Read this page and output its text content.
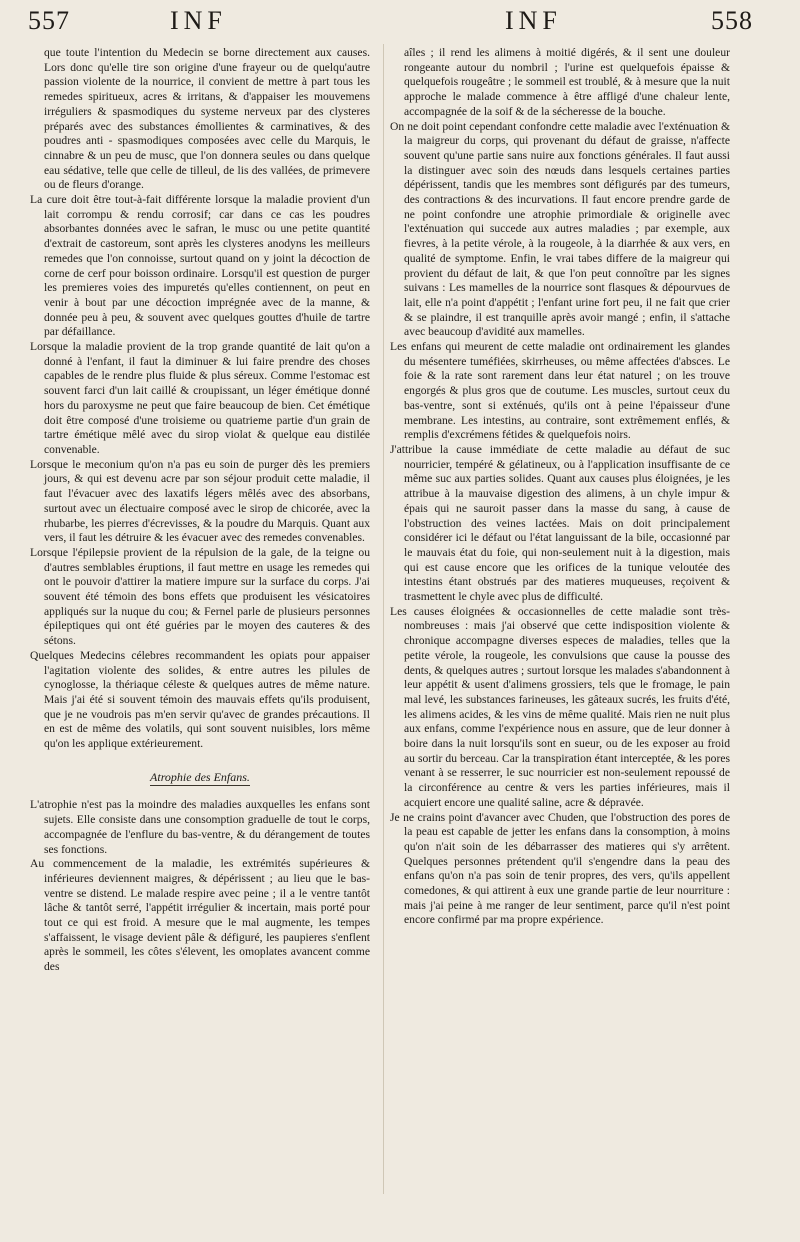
557	INF	INF	558

que toute l'intention du Medecin se borne directement aux causes. Lors donc qu'elle tire son origine d'une frayeur ou de quelqu'autre passion violente de la nourrice, il convient de mettre à part tous les remedes spiritueux, acres & irritans, & d'appaiser les mouvemens irréguliers & spasmodiques du systeme nerveux par des clysteres préparés avec des substances émollientes & carminatives, & des poudres anti - spasmodiques composées avec celle du Marquis, le cinnabre & un peu de musc, que l'on donnera seules ou dans quelque eau sédative, telle que celle de tilleul, de lis des vallées, de primevere ou de fleurs d'orange.

La cure doit être tout-à-fait différente lorsque la maladie provient d'un lait corrompu & rendu corrosif; car dans ce cas les poudres absorbantes données avec le safran, le musc ou une petite quantité d'extrait de castoreum, sont après les clysteres anodyns les meilleurs remedes que l'on connoisse, surtout quand on y joint la décoction de corne de cerf pour boisson ordinaire. Lorsqu'il est question de purger les premieres voies des impuretés qu'elles contiennent, on peut en venir à bout par une décoction imprégnée avec de la manne, & donnée peu à peu, & souvent avec quelques gouttes d'huile de tartre par défaillance.

Lorsque la maladie provient de la trop grande quantité de lait qu'on a donné à l'enfant, il faut la diminuer & lui faire prendre des choses capables de le rendre plus fluide & plus séreux. Comme l'estomac est souvent farci d'un lait caillé & croupissant, un léger émétique donné hors du paroxysme ne peut que faire beaucoup de bien. Cet émétique doit être composé d'une troisieme ou quatrieme partie d'un grain de tartre émétique mêlé avec du sirop violat & quelque eau distilée convenable.

Lorsque le meconium qu'on n'a pas eu soin de purger dès les premiers jours, & qui est devenu acre par son séjour produit cette maladie, il faut l'évacuer avec des laxatifs légers mêlés avec des absorbans, surtout avec un électuaire composé avec le sirop de chicorée, avec la rhubarbe, les pierres d'écrevisses, & la poudre du Marquis. Quant aux vers, il faut les détruire & les évacuer avec des remedes convenables.

Lorsque l'épilepsie provient de la répulsion de la gale, de la teigne ou d'autres semblables éruptions, il faut mettre en usage les remedes qui ont le pouvoir d'attirer la matiere impure sur la surface du corps. J'ai souvent été témoin des bons effets que produisent les vésicatoires appliqués sur la nuque du cou; & Fernel parle de plusieurs personnes épileptiques qui ont été guéries par le moyen des cauteres & des sétons.

Quelques Medecins célebres recommandent les opiats pour appaiser l'agitation violente des solides, & entre autres les pilules de cynoglosse, la thériaque céleste & quelques autres de même nature. Mais j'ai été si souvent témoin des mauvais effets qu'ils produisent, que je ne voudrois pas m'en servir qu'avec de grandes précautions. Il en est de même des volatils, qui sont souvent nuisibles, lors même qu'on les applique extérieurement.

Atrophie des Enfans.

L'atrophie n'est pas la moindre des maladies auxquelles les enfans sont sujets. Elle consiste dans une consomption graduelle de tout le corps, accompagnée de l'enflure du bas-ventre, & du dérangement de toutes ses fonctions.

Au commencement de la maladie, les extrémités supérieures & inférieures deviennent maigres, & dépérissent ; au lieu que le bas-ventre se distend. Le malade respire avec peine ; il a le ventre tantôt lâche & tantôt serré, l'appétit irrégulier & incertain, mais porté pour tout ce qui est froid. A mesure que le mal augmente, les tempes s'affaissent, le visage devient pâle & défiguré, les paupieres s'enflent après le sommeil, les côtes s'élevent, les omoplates avancent comme des

aîles ; il rend les alimens à moitié digérés, & il sent une douleur rongeante autour du nombril ; l'urine est quelquefois épaisse & quelquefois rougeâtre ; le sommeil est troublé, & à mesure que la nuit approche le malade commence à être affligé d'une chaleur lente, accompagnée de la soif & de la sécheresse de la bouche.

On ne doit point cependant confondre cette maladie avec l'exténuation & la maigreur du corps, qui provenant du défaut de graisse, n'affecte souvent qu'une partie sans nuire aux fonctions générales. Il faut aussi la distinguer avec soin des nœuds dans lesquels certaines parties dépérissent, tandis que les membres sont défigurés par des tumeurs, des contractions & des incurvations. Il faut encore prendre garde de ne point confondre une atrophie primordiale & originelle avec l'exténuation qui succede aux autres maladies ; par exemple, aux fievres, à la petite vérole, à la rougeole, à la diarrhée & aux vers, en qualité de symptome. Enfin, le vrai tabes differe de la maigreur qui provient du défaut de lait, & que l'on peut connoître par les signes suivans : Les mamelles de la nourrice sont flasques & dépourvues de lait, elle n'a point d'appétit ; l'enfant urine fort peu, il ne fait que crier & se plaindre, il est tranquille après avoir mangé ; enfin, il s'attache avec beaucoup d'avidité aux mamelles.

Les enfans qui meurent de cette maladie ont ordinairement les glandes du mésentere tuméfiées, skirrheuses, ou même affectées d'absces. Le foie & la rate sont rarement dans leur état naturel ; on les trouve engorgés & plus gros que de coutume. Les muscles, surtout ceux du bas-ventre, sont si exténués, qu'ils ont à peine l'épaisseur d'une membrane. Les intestins, au contraire, sont extrêmement enflés, & remplis d'excrémens fétides & quelquefois noirs.

J'attribue la cause immédiate de cette maladie au défaut de suc nourricier, tempéré & gélatineux, ou à l'application insuffisante de ce même suc aux parties solides. Quant aux causes plus éloignées, je les attribue à la mauvaise digestion des alimens, à un chyle impur & épais qui ne sauroit passer dans la masse du sang, à cause de l'obstruction des veines lactées. Mais on doit principalement considérer ici le défaut ou l'état languissant de la bile, occasionné par le mauvais état du foie, qui non-seulement nuit à la digestion, mais qui est cause encore que les orifices de la tunique veloutée des intestins étant obstrués par des matieres muqueuses, reçoivent & trasmettent le chyle avec plus de difficulté.

Les causes éloignées & occasionnelles de cette maladie sont très-nombreuses : mais j'ai observé que cette indisposition violente & chronique accompagne diverses especes de maladies, telles que la petite vérole, la rougeole, les convulsions que cause la pousse des dents, & quelques autres ; surtout lorsque les malades s'abandonnent à leur appétit & usent d'alimens grossiers, tels que le fromage, le pain mal levé, les substances farineuses, les gâteaux sucrés, les fruits d'été, les alimens acides, & les vins de même qualité. Mais rien ne nuit plus aux enfans, comme l'expérience nous en assure, que de leur donner à boire dans la nuit lorsqu'ils sont en sueur, ou de les exposer au froid au sortir du berceau. Car la transpiration étant interceptée, & les pores venant à se resserrer, le suc nourricier est non-seulement repoussé de la circonférence au centre & vers les parties inférieures, mais il acquiert encore une qualité saline, acre & dépravée.

Je ne crains point d'avancer avec Chuden, que l'obstruction des pores de la peau est capable de jetter les enfans dans la consomption, à moins qu'on n'ait soin de les débarrasser des matieres qui s'y arrêtent. Quelques personnes prétendent qu'il s'engendre dans la peau des enfans qu'on n'a pas soin de tenir propres, des vers, qu'ils appellent comedones, & qui attirent à eux une grande partie de leur nourriture : mais j'ai peine à me ranger de leur sentiment, parce qu'il n'est point encore confirmé par ma propre expérience.
